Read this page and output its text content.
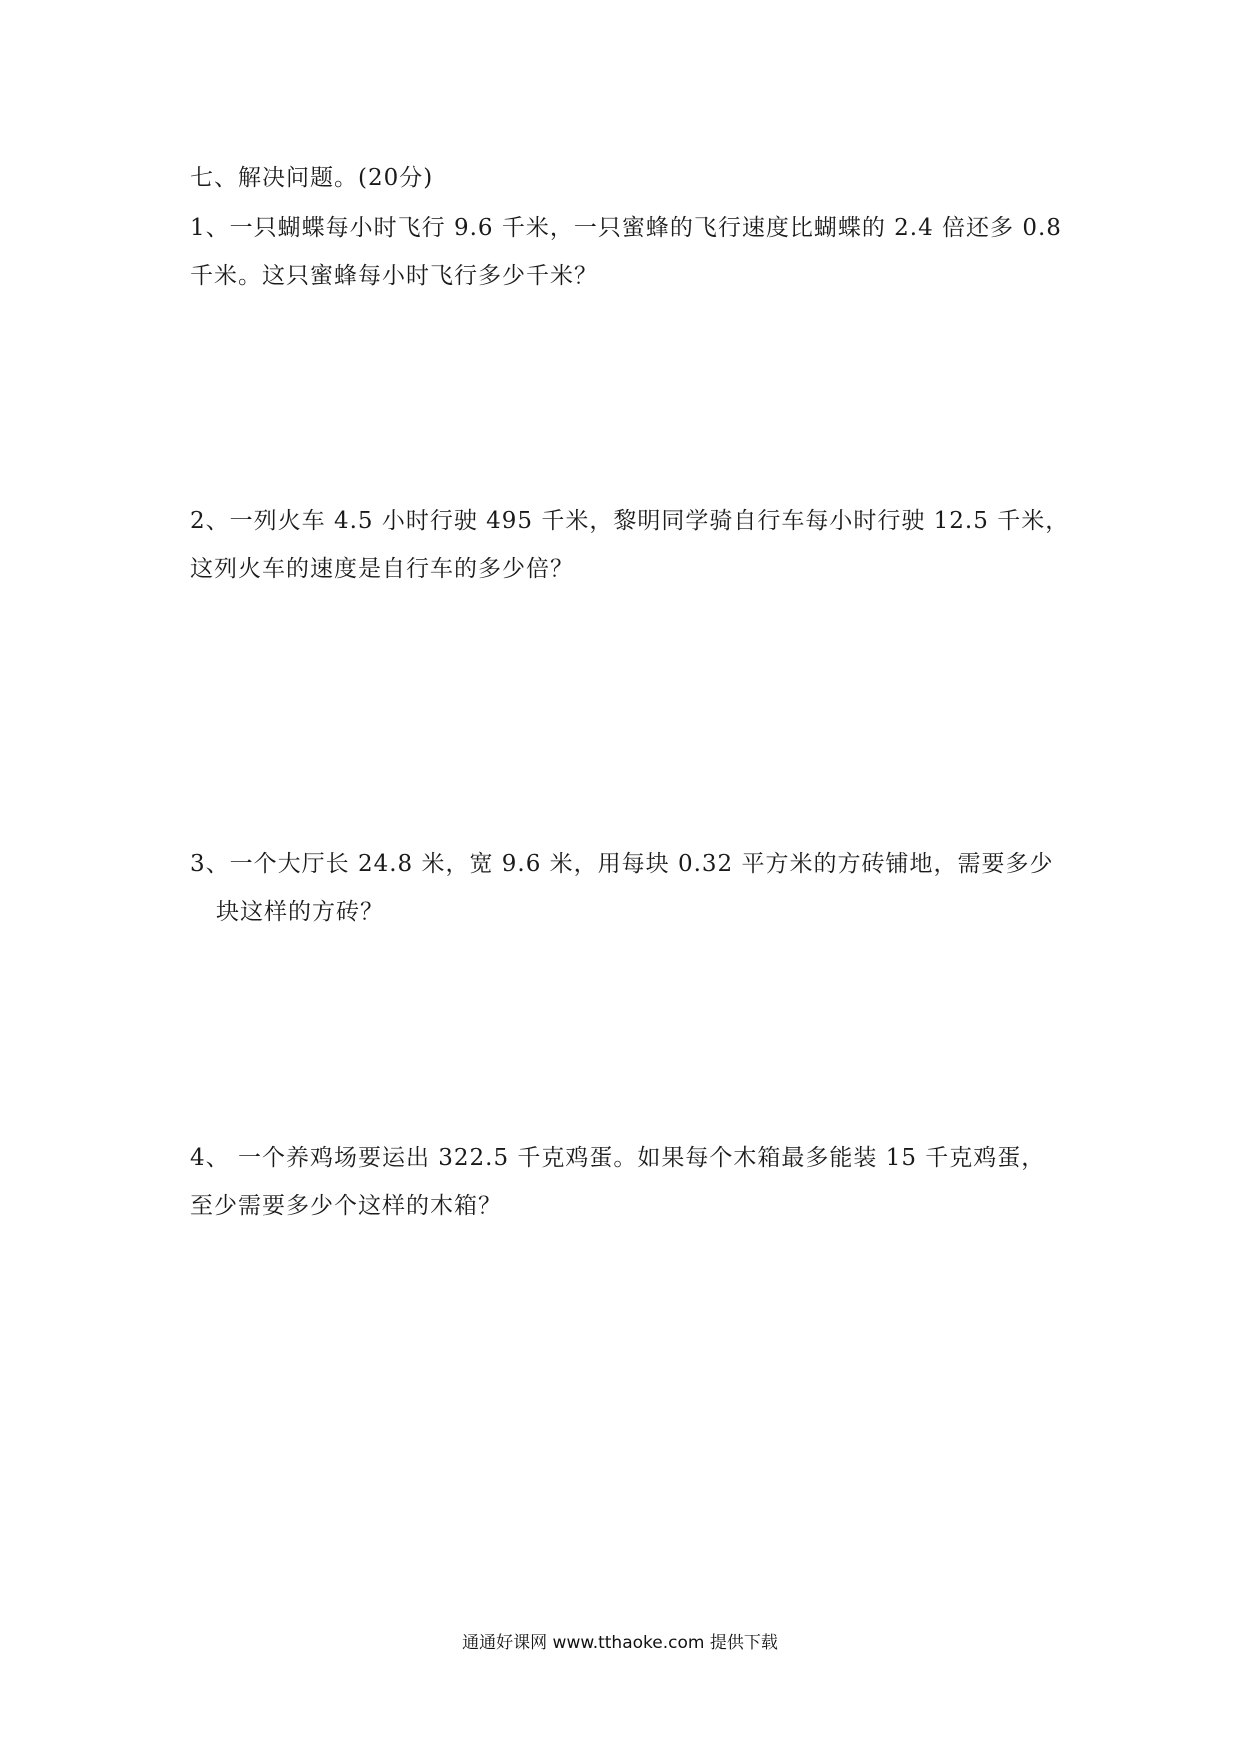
七、解决问题。(20分)
1、一只蝴蝶每小时飞行 9.6 千米，一只蜜蜂的飞行速度比蝴蝶的 2.4 倍还多 0.8
千米。这只蜜蜂每小时飞行多少千米？
2、一列火车 4.5 小时行驶 495 千米，黎明同学骑自行车每小时行驶 12.5 千米，
这列火车的速度是自行车的多少倍？
3、一个大厅长 24.8 米，宽 9.6 米，用每块 0.32 平方米的方砖铺地，需要多少
块这样的方砖？
4、 一个养鸡场要运出 322.5 千克鸡蛋。如果每个木箱最多能装 15 千克鸡蛋，
至少需要多少个这样的木箱？
通通好课网 www.tthaoke.com 提供下载
